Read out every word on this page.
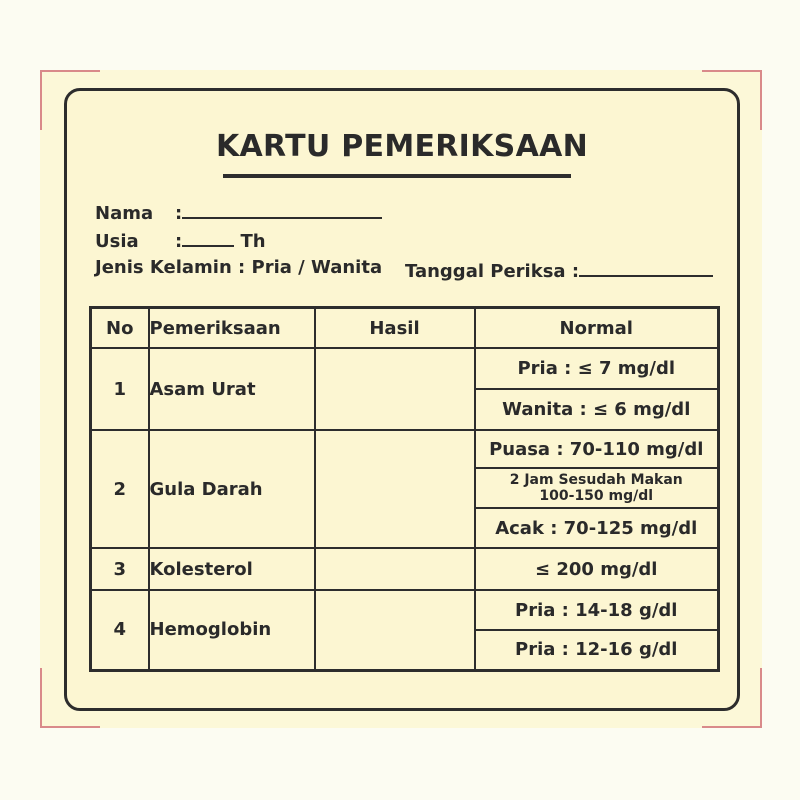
KARTU PEMERIKSAAN
Nama :
Usia :	Th
Jenis Kelamin : Pria / Wanita Tanggal Periksa :
No	Pemeriksaan	Hasil	Normal
1	Asam Urat		Pria : ≤ 7 mg/dl
			Wanita : ≤ 6 mg/dl
2	Gula Darah		Puasa : 70-110 mg/dl

			2 Jam Sesudah Makan
100-150 mg/dl

			Acak : 70-125 mg/dl
3	Kolesterol		≤ 200 mg/dl
4	Hemoglobin		Pria : 14-18 g/dl
			Pria : 12-16 g/dl
